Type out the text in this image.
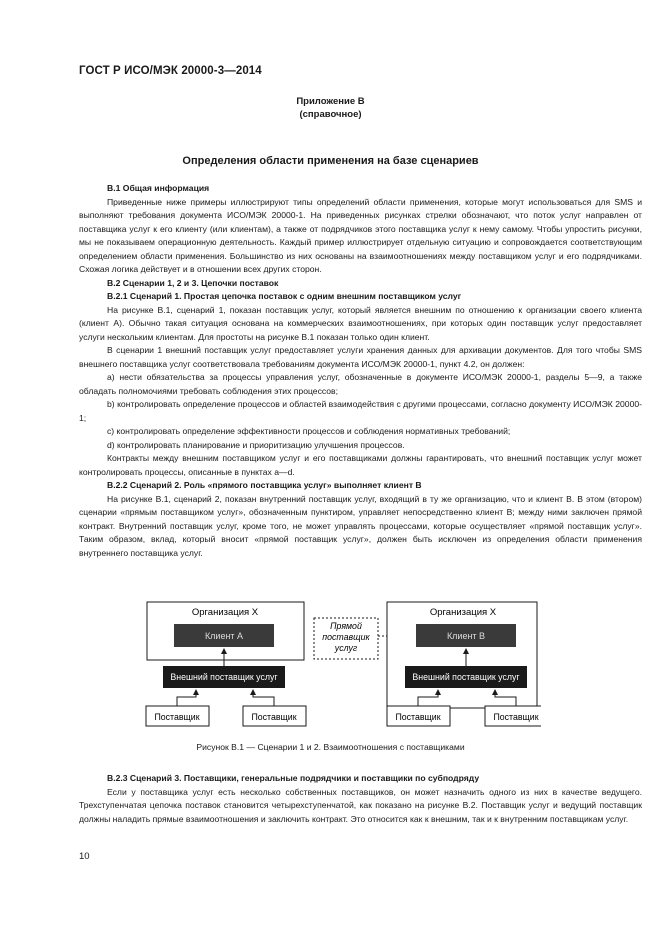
ГОСТ Р ИСО/МЭК 20000-3—2014
Приложение В
(справочное)
Определения области применения на базе сценариев

В.1 Общая информация

Приведенные ниже примеры иллюстрируют типы определений области применения, которые могут использоваться для SMS и выполняют требования документа ИСО/МЭК 20000-1. На приведенных рисунках стрелки обозначают, что поток услуг направлен от поставщика услуг к его клиенту (или клиентам), а также от подрядчиков этого поставщика услуг к нему самому. Чтобы упростить рисунки, мы не показываем операционную деятельность. Каждый пример иллюстрирует отдельную ситуацию и сопровождается соответствующим определением области применения. Большинство из них основаны на взаимоотношениях между поставщиком услуг и его подрядчиками. Схожая логика действует и в отношении всех других сторон.

В.2 Сценарии 1, 2 и 3. Цепочки поставок

В.2.1 Сценарий 1. Простая цепочка поставок с одним внешним поставщиком услуг

На рисунке В.1, сценарий 1, показан поставщик услуг, который является внешним по отношению к организации своего клиента (клиент А). Обычно такая ситуация основана на коммерческих взаимоотношениях, при которых один поставщик услуг предоставляет услуги нескольким клиентам. Для простоты на рисунке В.1 показан только один клиент.

В сценарии 1 внешний поставщик услуг предоставляет услуги хранения данных для архивации документов. Для того чтобы SMS внешнего поставщика услуг соответствовала требованиям документа ИСО/МЭК 20000-1, пункт 4.2, он должен:

a) нести обязательства за процессы управления услуг, обозначенные в документе ИСО/МЭК 20000-1, разделы 5—9, а также обладать полномочиями требовать соблюдения этих процессов;

b) контролировать определение процессов и областей взаимодействия с другими процессами, согласно документу ИСО/МЭК 20000-1;

c) контролировать определение эффективности процессов и соблюдения нормативных требований;

d) контролировать планирование и приоритизацию улучшения процессов.

Контракты между внешним поставщиком услуг и его поставщиками должны гарантировать, что внешний поставщик услуг может контролировать процессы, описанные в пунктах a—d.

В.2.2 Сценарий 2. Роль «прямого поставщика услуг» выполняет клиент В

На рисунке В.1, сценарий 2, показан внутренний поставщик услуг, входящий в ту же организацию, что и клиент В. В этом (втором) сценарии «прямым поставщиком услуг», обозначенным пунктиром, управляет непосредственно клиент В; между ними заключен прямой контракт. Внутренний поставщик услуг, кроме того, не может управлять процессами, которые осуществляет «прямой поставщик услуг». Таким образом, вклад, который вносит «прямой поставщик услуг», должен быть исключен из определения области применения внутреннего поставщика услуг.

Организация X
Клиент А
Внешний поставщик услуг
Поставщик	Поставщик
Прямой
поставщик
услуг
Организация X
Клиент В
Внешний поставщик услуг
Поставщик	Поставщик
Рисунок В.1 — Сценарии 1 и 2. Взаимоотношения с поставщиками

В.2.3 Сценарий 3. Поставщики, генеральные подрядчики и поставщики по субподряду

Если у поставщика услуг есть несколько собственных поставщиков, он может назначить одного из них в качестве ведущего. Трехступенчатая цепочка поставок становится четырехступенчатой, как показано на рисунке В.2. Поставщик услуг и ведущий поставщик должны наладить прямые взаимоотношения и заключить контракт. Это относится как к внешним, так и к внутренним поставщикам услуг.

10
